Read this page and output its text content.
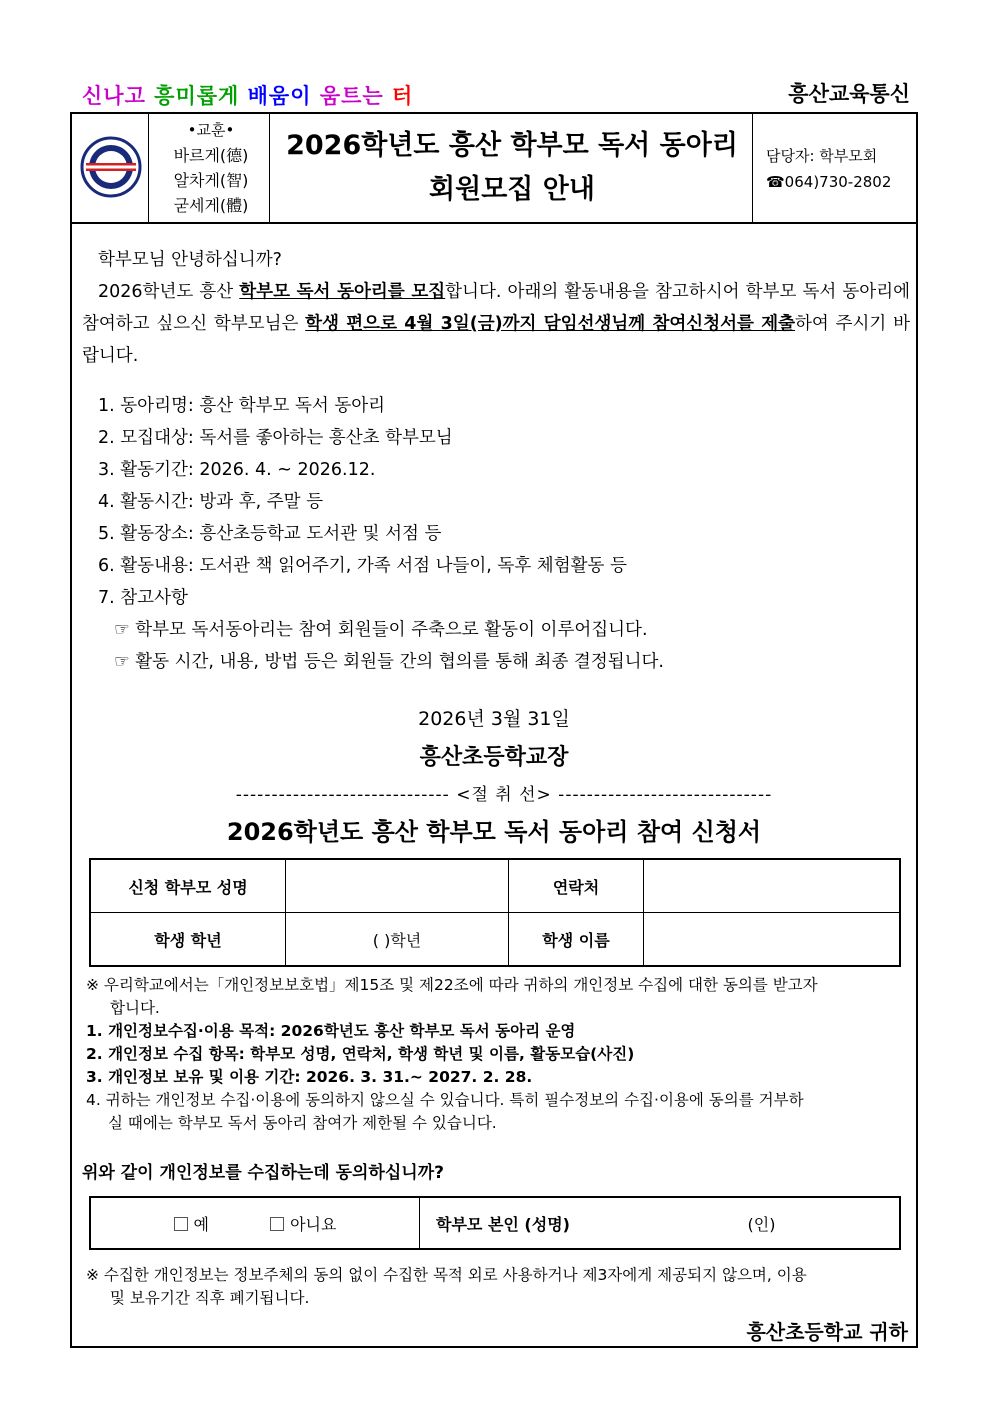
신나고 흥미롭게 배움이 움트는 터	흥산교육통신
•교훈•
바르게(德)
알차게(智)
굳세게(體)
2026학년도 흥산 학부모 독서 동아리
회원모집 안내
담당자: 학부모회
☎064)730-2802

학부모님 안녕하십니까?

2026학년도 흥산 학부모 독서 동아리를 모집합니다. 아래의 활동내용을 참고하시어 학부모 독서 동아리에 참여하고 싶으신 학부모님은 학생 편으로 4월 3일(금)까지 담임선생님께 참여신청서를 제출하여 주시기 바랍니다.

1. 동아리명: 흥산 학부모 독서 동아리
2. 모집대상: 독서를 좋아하는 흥산초 학부모님
3. 활동기간: 2026. 4. ~ 2026.12.
4. 활동시간: 방과 후, 주말 등
5. 활동장소: 흥산초등학교 도서관 및 서점 등
6. 활동내용: 도서관 책 읽어주기, 가족 서점 나들이, 독후 체험활동 등
7. 참고사항
☞ 학부모 독서동아리는 참여 회원들이 주축으로 활동이 이루어집니다.
☞ 활동 시간, 내용, 방법 등은 회원들 간의 협의를 통해 최종 결정됩니다.
2026년 3월 31일
흥산초등학교장
------------------------------ <절 취 선> ------------------------------
2026학년도 흥산 학부모 독서 동아리 참여 신청서
신청 학부모 성명		연락처	
학생 학년	( )학년	학생 이름	
※ 우리학교에서는「개인정보보호법」제15조 및 제22조에 따라 귀하의 개인정보 수집에 대한 동의를 받고자
합니다.
1. 개인정보수집·이용 목적: 2026학년도 흥산 학부모 독서 동아리 운영
2. 개인정보 수집 항목: 학부모 성명, 연락처, 학생 학년 및 이름, 활동모습(사진)
3. 개인정보 보유 및 이용 기간: 2026. 3. 31.~ 2027. 2. 28.
4. 귀하는 개인정보 수집·이용에 동의하지 않으실 수 있습니다. 특히 필수정보의 수집·이용에 동의를 거부하
실 때에는 학부모 독서 동아리 참여가 제한될 수 있습니다.
위와 같이 개인정보를 수집하는데 동의하십니까?
예	아니요	학부모 본인 (성명)	(인)
※ 수집한 개인정보는 정보주체의 동의 없이 수집한 목적 외로 사용하거나 제3자에게 제공되지 않으며, 이용
및 보유기간 직후 폐기됩니다.
흥산초등학교 귀하
